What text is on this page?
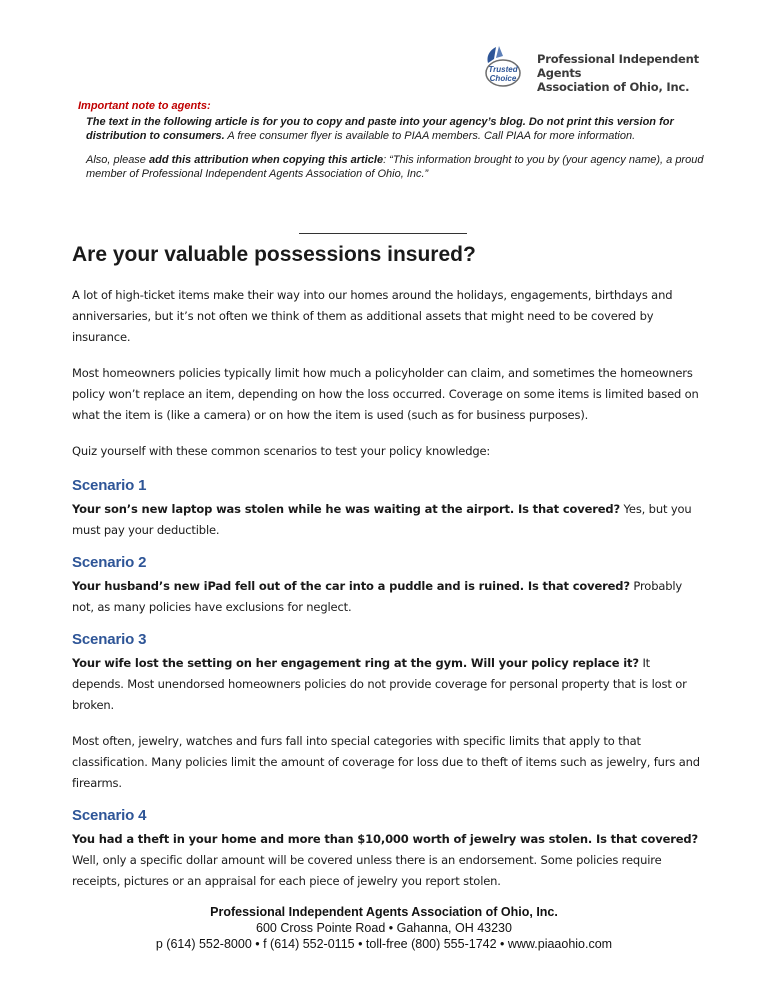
Trusted
Choice
Professional Independent Agents
Association of Ohio, Inc.
Important note to agents:

The text in the following article is for you to copy and paste into your agency’s blog. Do not print this version for distribution to consumers. A free consumer flyer is available to PIAA members. Call PIAA for more information.

Also, please add this attribution when copying this article: “This information brought to you by (your agency name), a proud member of Professional Independent Agents Association of Ohio, Inc.”

Are your valuable possessions insured?

A lot of high-ticket items make their way into our homes around the holidays, engagements, birthdays and anniversaries, but it’s not often we think of them as additional assets that might need to be covered by insurance.

Most homeowners policies typically limit how much a policyholder can claim, and sometimes the homeowners policy won’t replace an item, depending on how the loss occurred. Coverage on some items is limited based on what the item is (like a camera) or on how the item is used (such as for business purposes).

Quiz yourself with these common scenarios to test your policy knowledge:

Scenario 1

Your son’s new laptop was stolen while he was waiting at the airport. Is that covered? Yes, but you must pay your deductible.

Scenario 2

Your husband’s new iPad fell out of the car into a puddle and is ruined. Is that covered? Probably not, as many policies have exclusions for neglect.

Scenario 3

Your wife lost the setting on her engagement ring at the gym. Will your policy replace it? It depends. Most unendorsed homeowners policies do not provide coverage for personal property that is lost or broken.

Most often, jewelry, watches and furs fall into special categories with specific limits that apply to that classification. Many policies limit the amount of coverage for loss due to theft of items such as jewelry, furs and firearms.

Scenario 4

You had a theft in your home and more than $10,000 worth of jewelry was stolen. Is that covered? Well, only a specific dollar amount will be covered unless there is an endorsement. Some policies require receipts, pictures or an appraisal for each piece of jewelry you report stolen.

Professional Independent Agents Association of Ohio, Inc.
600 Cross Pointe Road • Gahanna, OH 43230
p (614) 552-8000 • f (614) 552-0115 • toll-free (800) 555-1742 • www.piaaohio.com
